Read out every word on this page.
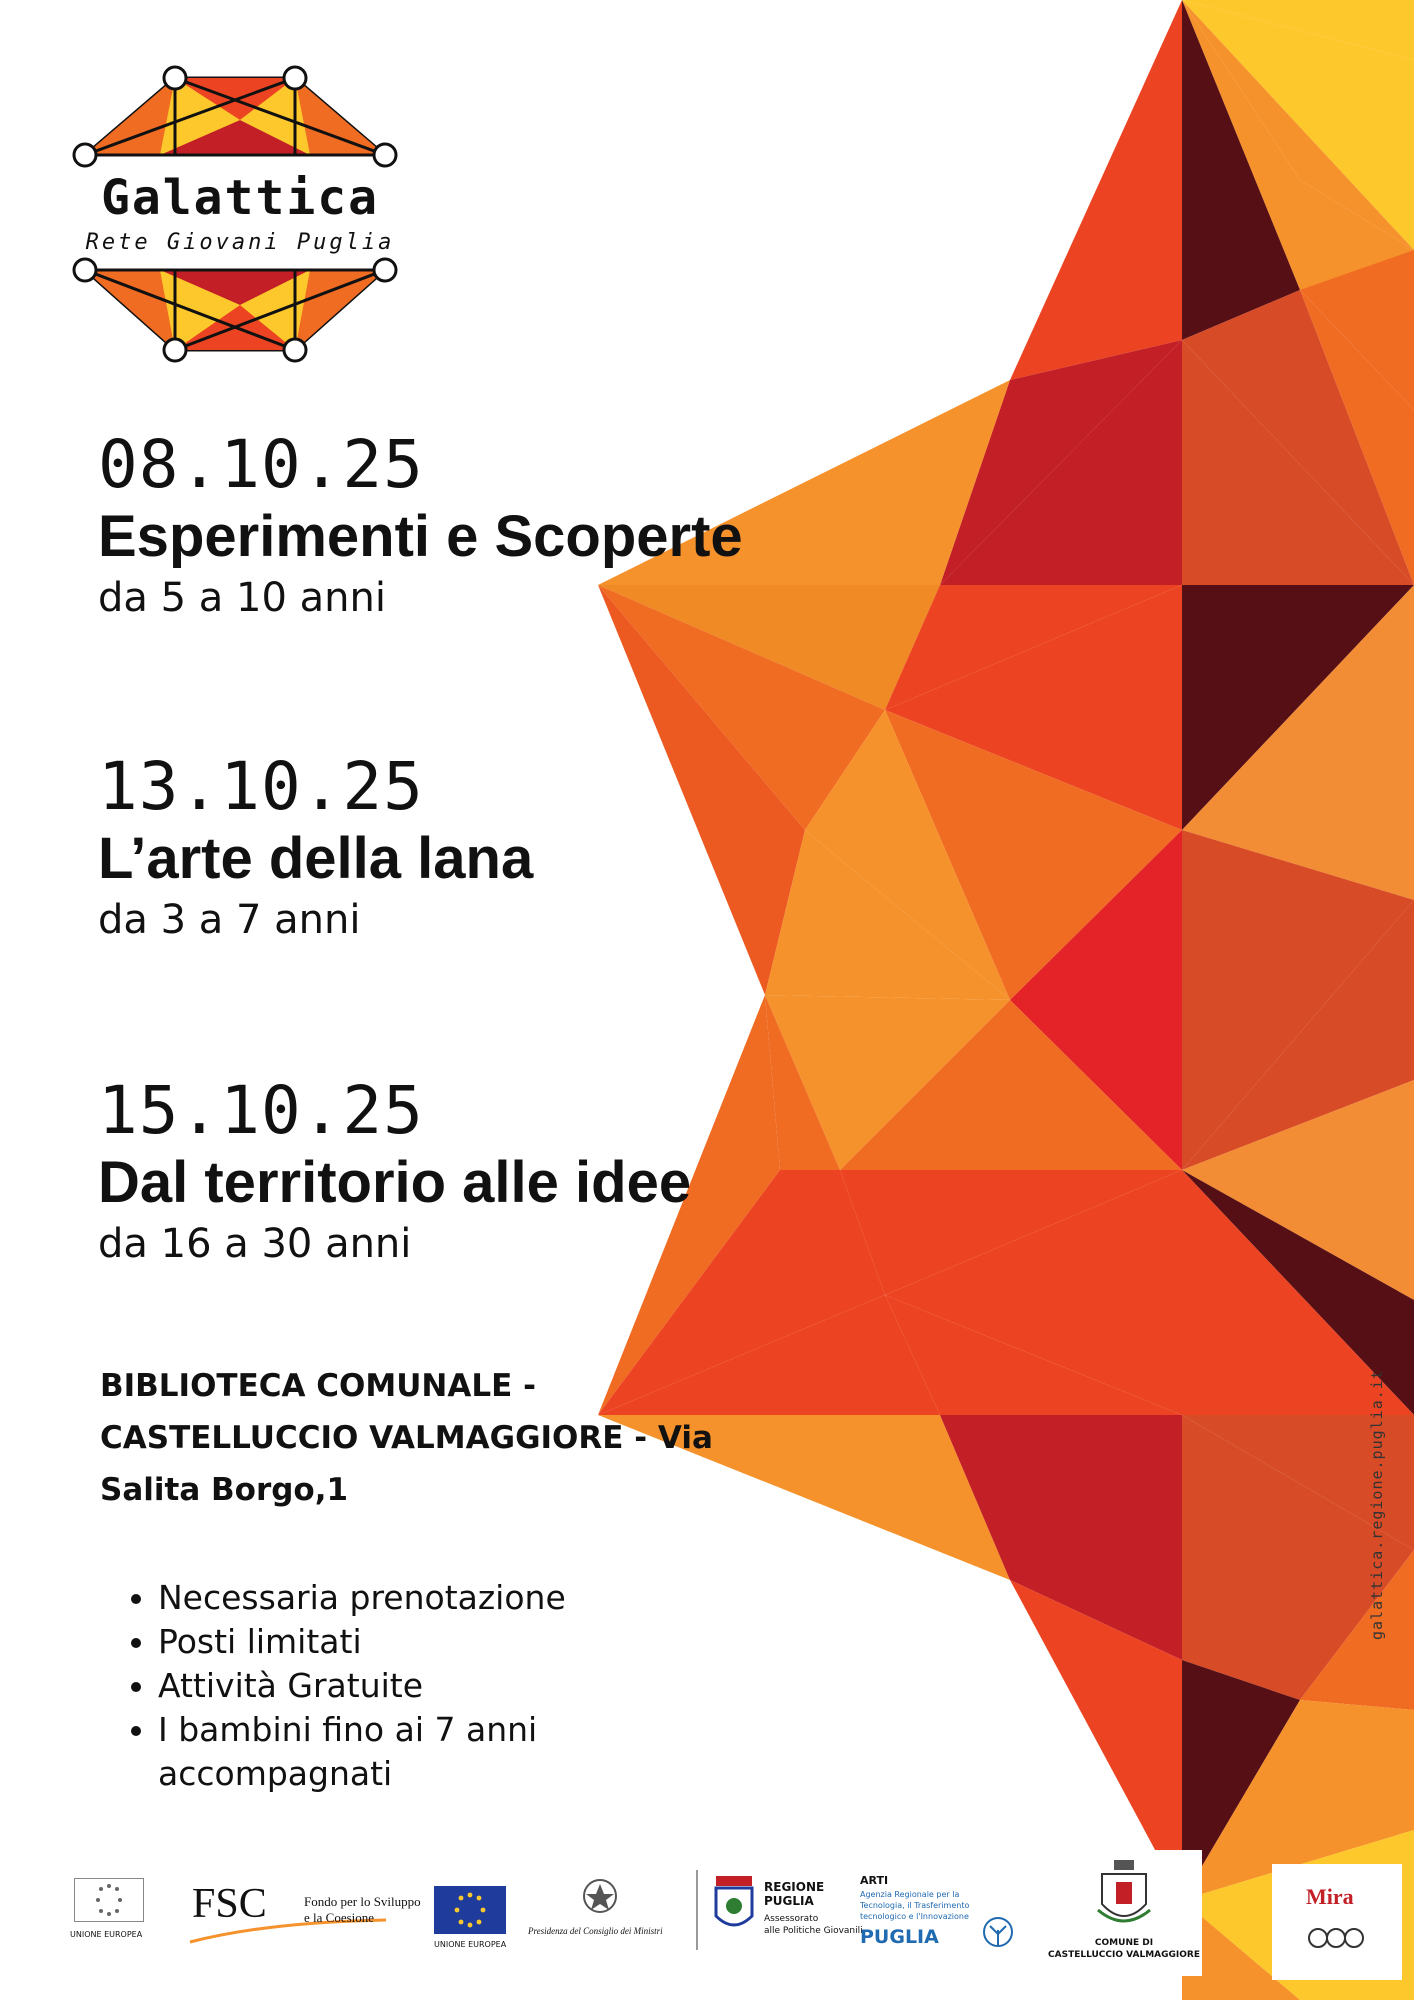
Galattica
Rete Giovani Puglia
08.10.25
Esperimenti e Scoperte
da 5 a 10 anni
13.10.25
L’arte della lana
da 3 a 7 anni
15.10.25
Dal territorio alle idee
da 16 a 30 anni
BIBLIOTECA COMUNALE -
CASTELLUCCIO VALMAGGIORE - Via
Salita Borgo,1
• Necessaria prenotazione
• Posti limitati
• Attività Gratuite
• I bambini fino ai 7 anni accompagnati
galattica.regione.puglia.it
UNIONE EUROPEA
FSC	Fondo per lo Sviluppo
e la Coesione
UNIONE EUROPEA
Presidenza del Consiglio dei Ministri
REGIONE
PUGLIA
Assessorato
alle Politiche Giovanili
ARTI
Agenzia Regionale per la
Tecnologia, il Trasferimento
tecnologico e l'Innovazione
PUGLIA	COMUNE DI
CASTELLUCCIO VALMAGGIORE
Mira
